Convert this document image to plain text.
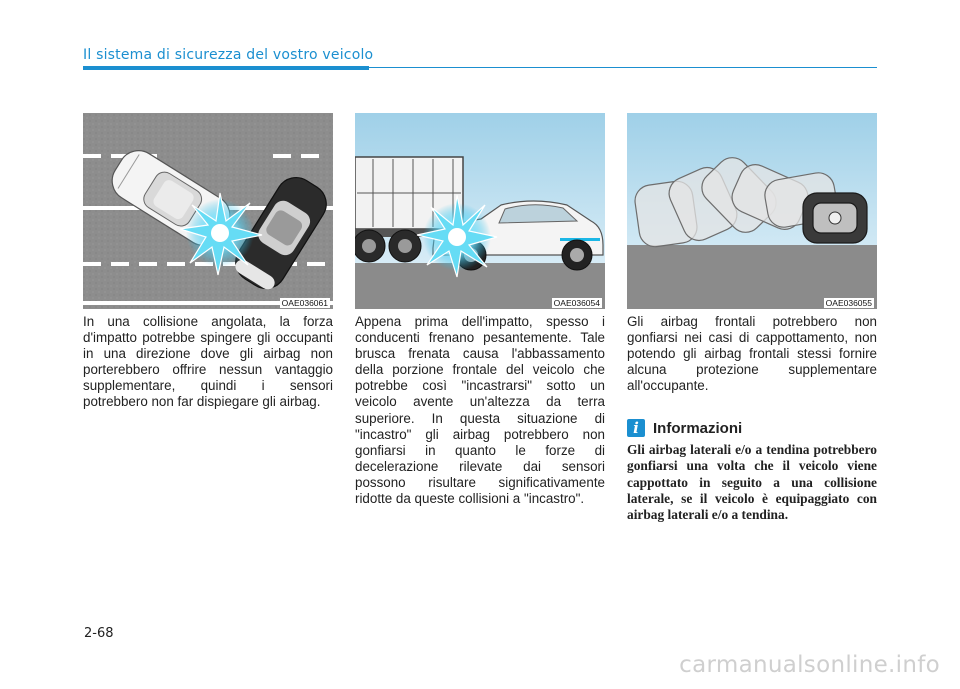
Il sistema di sicurezza del vostro veicolo
OAE036061	OAE036054	OAE036055

In una collisione angolata, la forza d'impatto potrebbe spingere gli occupanti in una direzione dove gli airbag non porterebbero offrire nessun vantaggio supplementare, quindi i sensori potrebbero non far dispiegare gli airbag.

Appena prima dell'impatto, spesso i conducenti frenano pesantemente. Tale brusca frenata causa l'abbassamento della porzione frontale del veicolo che potrebbe così "incastrarsi" sotto un veicolo avente un'altezza da terra superiore. In questa situazione di "incastro" gli airbag potrebbero non gonfiarsi in quanto le forze di decelerazione rilevate dai sensori possono risultare significativamente ridotte da queste collisioni a "incastro".

Gli airbag frontali potrebbero non gonfiarsi nei casi di cappottamento, non potendo gli airbag frontali stessi fornire alcuna protezione supplementare all'occupante.

i Informazioni

Gli airbag laterali e/o a tendina potrebbero gonfiarsi una volta che il veicolo viene cappottato in seguito a una collisione laterale, se il veicolo è equipaggiato con airbag laterali e/o a tendina.

2-68
carmanualsonline.info
